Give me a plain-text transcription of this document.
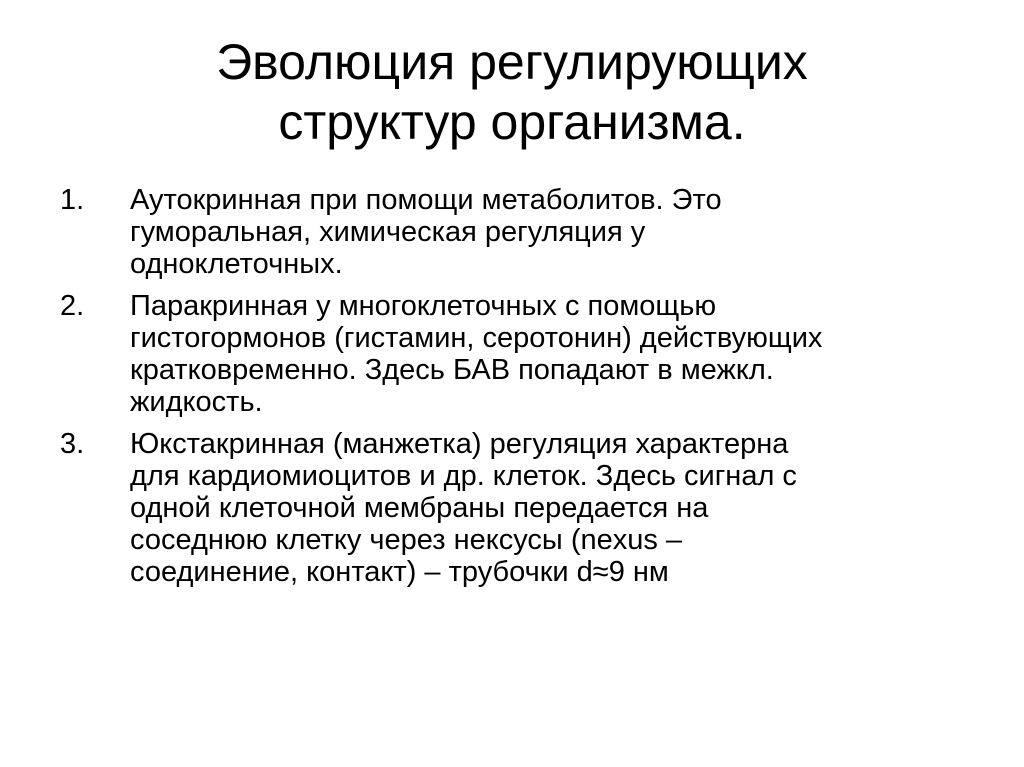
Эволюция регулирующих
структур организма.
1.	Аутокринная при помощи метаболитов. Это
гуморальная, химическая регуляция у
одноклеточных.
2.	Паракринная у многоклеточных с помощью
гистогормонов (гистамин, серотонин) действующих
кратковременно. Здесь БАВ попадают в межкл.
жидкость.
3.	Юкстакринная (манжетка) регуляция характерна
для кардиомиоцитов и др. клеток. Здесь сигнал с
одной клеточной мембраны передается на
соседнюю клетку через нексусы (nexus –
соединение, контакт) – трубочки d≈9 нм
